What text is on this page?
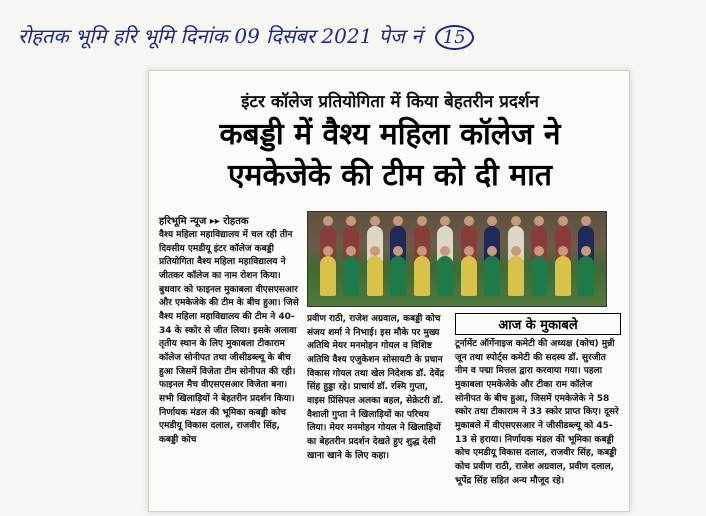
रोहतक भूमि हरि भूमि दिनांक 09 दिसंबर 2021 पेज नं 15
इंटर कॉलेज प्रतियोगिता में किया बेहतरीन प्रदर्शन
कबड्डी में वैश्य महिला कॉलेज ने
एमकेजेके की टीम को दी मात
हरिभूमि न्यूज ▸▸ रोहतक
वैश्य महिला महाविद्यालय में चल रही तीन दिवसीय एमडीयू इंटर कॉलेज कबड्डी प्रतियोगिता वैश्य महिला महाविद्यालय ने जीतकर कॉलेज का नाम रोशन किया। बुधवार को फाइनल मुकाबला वीएसएसआर और एमकेजेके की टीम के बीच हुआ। जिसे वैश्य महिला महाविद्यालय की टीम ने 40-34 के स्कोर से जीत लिया। इसके अलावा तृतीय स्थान के लिए मुकाबला टीकाराम कॉलेज सोनीपत तथा जीसीडब्ल्यू के बीच हुआ जिसमें विजेता टीम सोनीपत की रही। फाइनल मैच वीएसएसआर विजेता बना। सभी खिलाड़ियों ने बेहतरीन प्रदर्शन किया। निर्णायक मंडल की भूमिका कबड्डी कोच एमडीयू विकास दलाल, राजवीर सिंह, कबड्डी कोच
प्रवीण राठी, राजेश अग्रवाल, कबड्डी कोच संजय शर्मा ने निभाई। इस मौके पर मुख्य अतिथि मेयर मनमोहन गोयल व विशिष्ट अतिथि वैश्य एजुकेशन सोसायटी के प्रधान विकास गोयल तथा खेल निदेशक डॉ. देवेंद्र सिंह हुड्डा रहे। प्राचार्य डॉ. रश्मि गुप्ता, वाइस प्रिंसिपल अलका बहल, सेक्रेटरी डॉ. वैशाली गुप्ता ने खिलाड़ियों का परिचय लिया। मेयर मनमोहन गोयल ने खिलाड़ियों का बेहतरीन प्रदर्शन देखते हुए शुद्ध देसी खाना खाने के लिए कहा।
आज के मुकाबले
टूर्नामेंट ऑर्गेनाइज कमेटी की अध्यक्ष (कोच) मुन्नी जून तथा स्पोर्ट्स कमेटी की सदस्य डॉ. सुरजीत नीम व पद्मा मित्तल द्वारा करवाया गया। पहला मुकाबला एमकेजेके और टीका राम कॉलेज सोनीपत के बीच हुआ, जिसमें एमकेजेके ने 58 स्कोर तथा टीकाराम ने 33 स्कोर प्राप्त किए। दूसरे मुकाबले में वीएसएसआर ने जीसीडब्ल्यू को 45-13 से हराया। निर्णायक मंडल की भूमिका कबड्डी कोच एमडीयू विकास दलाल, राजवीर सिंह, कबड्डी कोच प्रवीण राठी, राजेश अग्रवाल, प्रवीण दलाल, भूपेंद्र सिंह सहित अन्य मौजूद रहे।
